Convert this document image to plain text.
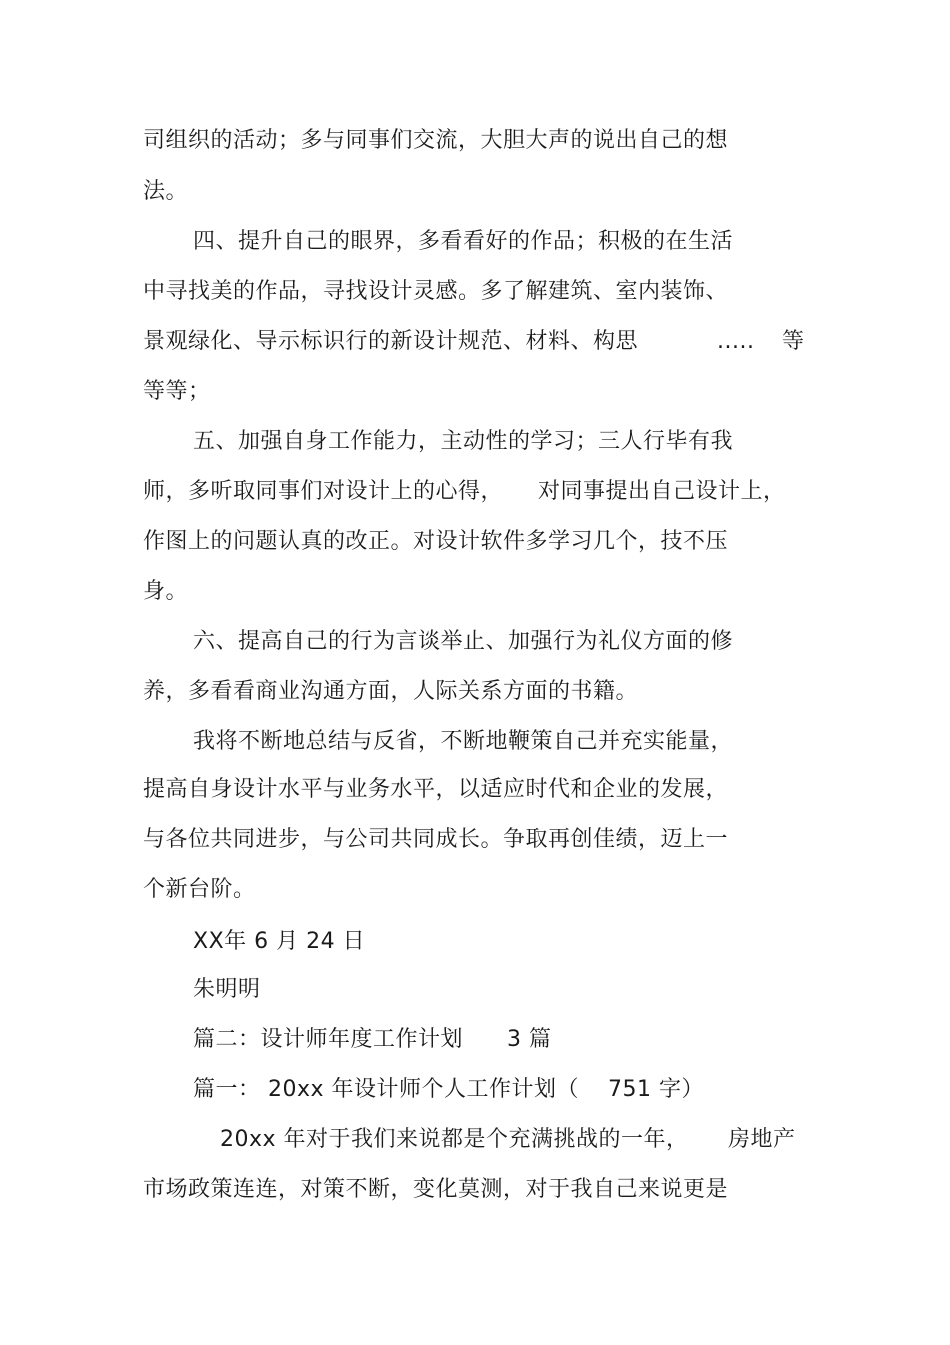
司组织的活动；多与同事们交流，大胆大声的说出自己的想
法。
四、提升自己的眼界，多看看好的作品；积极的在生活
中寻找美的作品，寻找设计灵感。多了解建筑、室内装饰、
景观绿化、导示标识行的新设计规范、材料、构思	..... 等
等等；
五、加强自身工作能力，主动性的学习；三人行毕有我
师，多听取同事们对设计上的心得， 对同事提出自己设计上，
作图上的问题认真的改正。对设计软件多学习几个，技不压
身。
六、提高自己的行为言谈举止、加强行为礼仪方面的修
养，多看看商业沟通方面，人际关系方面的书籍。
我将不断地总结与反省，不断地鞭策自己并充实能量，
提高自身设计水平与业务水平，以适应时代和企业的发展，
与各位共同进步，与公司共同成长。争取再创佳绩，迈上一
个新台阶。
XX年 6 月 24 日
朱明明
篇二：设计师年度工作计划 3 篇
篇一： 20xx 年设计师个人工作计划（ 751 字）
20xx 年对于我们来说都是个充满挑战的一年， 房地产
市场政策连连，对策不断，变化莫测，对于我自己来说更是
